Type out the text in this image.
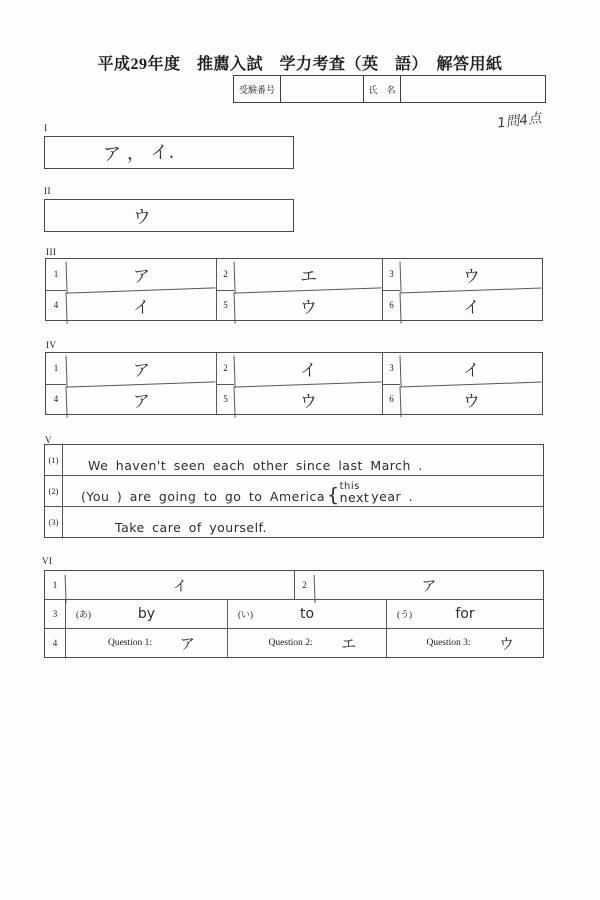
平成29年度　推薦入試　学力考査（英　語）　解答用紙
受験番号	氏　名
1問4点
I
ア ， イ.
II
ウ
III
1	ア	2	エ	3	ウ
4	イ	5	ウ	6	イ
IV
1	ア	2	イ	3	イ
4	ア	5	ウ	6	ウ
V
(1)	We haven't seen each other since last March .
(2)	(You ) are going to go to America { this
next year .
(3)	Take care of yourself.
VI
1	イ	2	ア
3	(あ)	by	(い)	to	(う)	for
4	Question 1: ア	Question 2: エ	Question 3: ウ
